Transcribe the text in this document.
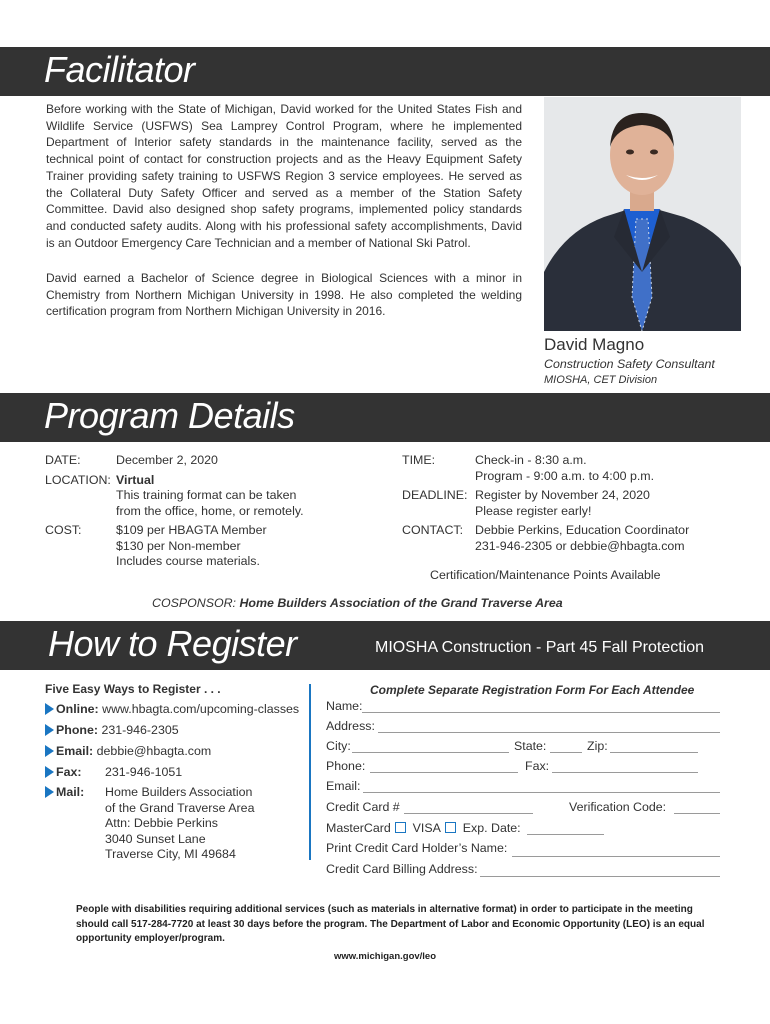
Facilitator

Before working with the State of Michigan, David worked for the United States Fish and Wildlife Service (USFWS) Sea Lamprey Control Program, where he implemented Department of Interior safety standards in the maintenance facility, served as the technical point of contact for construction projects and as the Heavy Equipment Safety Trainer providing safety training to USFWS Region 3 service employees. He served as the Collateral Duty Safety Officer and served as a member of the Station Safety Committee. David also designed shop safety programs, implemented policy standards and conducted safety audits. Along with his professional safety accomplishments, David is an Outdoor Emergency Care Technician and a member of National Ski Patrol.

David earned a Bachelor of Science degree in Biological Sciences with a minor in Chemistry from Northern Michigan University in 1998. He also completed the welding certification program from Northern Michigan University in 2016.

David Magno
Construction Safety Consultant
MIOSHA, CET Division
Program Details
DATE:	December 2, 2020
LOCATION: Virtual
This training format can be taken
from the office, home, or remotely.
COST:	$109 per HBAGTA Member
$130 per Non-member
Includes course materials.
TIME:	Check-in - 8:30 a.m.
Program - 9:00 a.m. to 4:00 p.m.
DEADLINE: Register by November 24, 2020
Please register early!
CONTACT: Debbie Perkins, Education Coordinator
231-946-2305 or debbie@hbagta.com
Certification/Maintenance Points Available
COSPONSOR: Home Builders Association of the Grand Traverse Area
How to Register	MIOSHA Construction - Part 45 Fall Protection
Five Easy Ways to Register . . .
Online: www.hbagta.com/upcoming-classes
Phone: 231-946-2305
Email: debbie@hbagta.com
Fax: 231-946-1051
Mail: Home Builders Association
of the Grand Traverse Area
Attn: Debbie Perkins
3040 Sunset Lane
Traverse City, MI 49684
Complete Separate Registration Form For Each Attendee
Name:
Address:
City:	State:	Zip:
Phone:	Fax:
Email:
Credit Card #	Verification Code:
MasterCard VISA Exp. Date:
Print Credit Card Holder’s Name:
Credit Card Billing Address:
People with disabilities requiring additional services (such as materials in alternative format) in order to participate in the meeting should call 517-284-7720 at least 30 days before the program. The Department of Labor and Economic Opportunity (LEO) is an equal opportunity employer/program.
www.michigan.gov/leo
